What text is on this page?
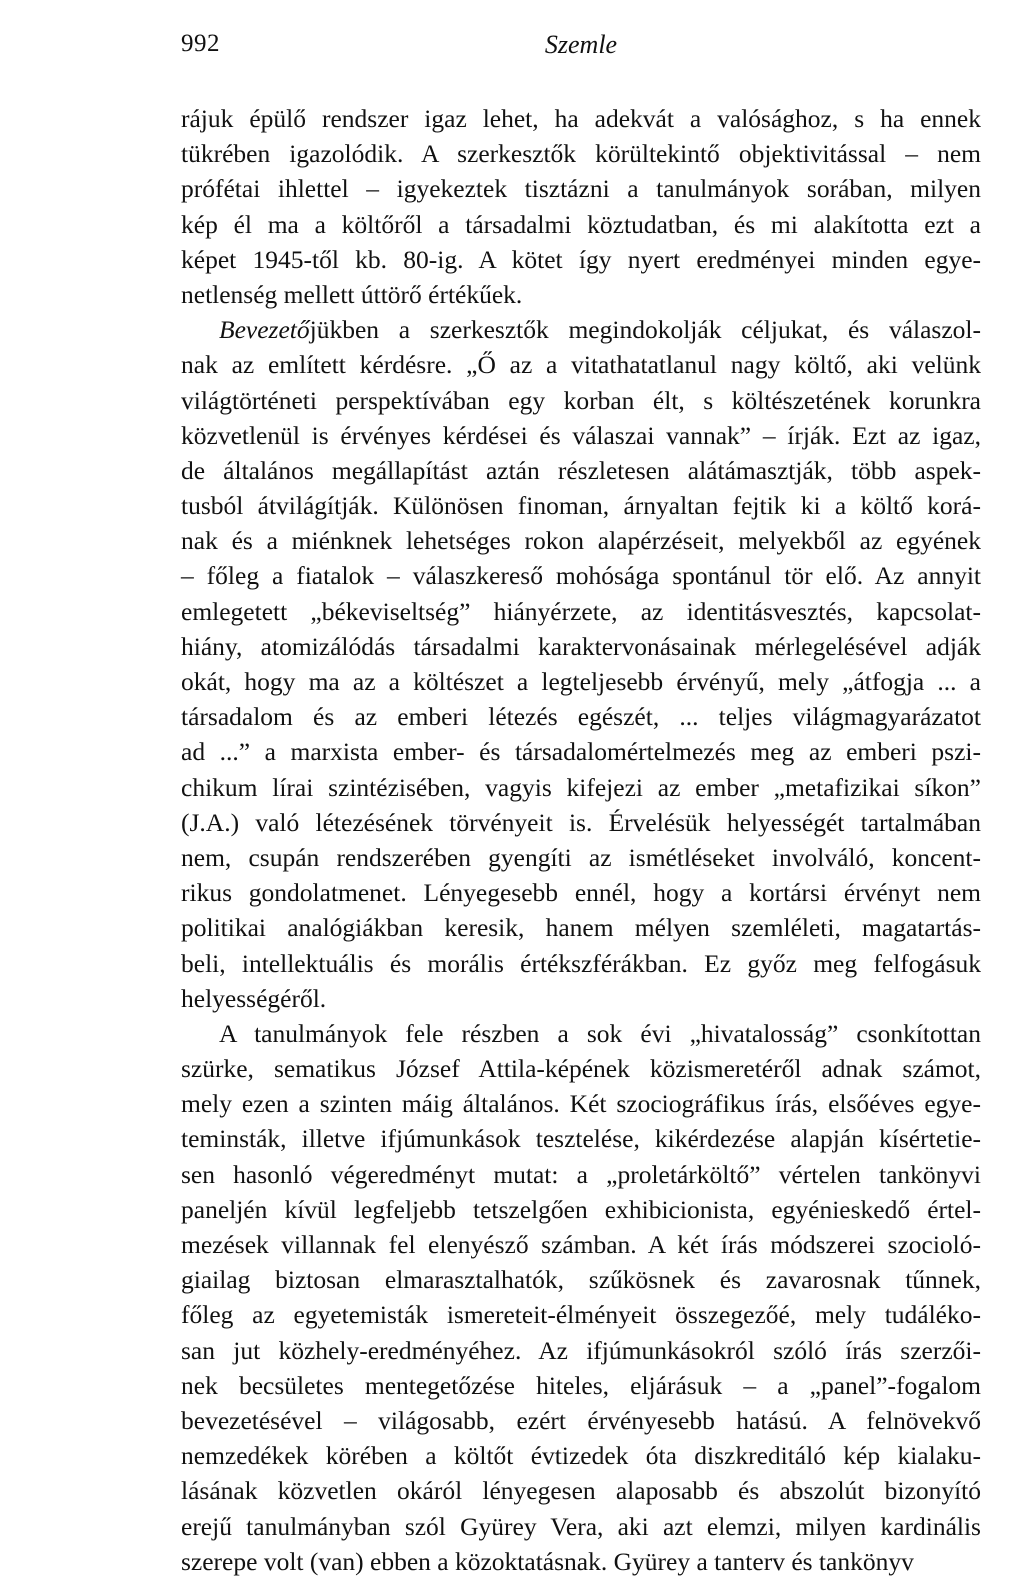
992	Szemle
rájuk épülő rendszer igaz lehet, ha adekvát a valósághoz, s ha ennek
tükrében igazolódik. A szerkesztők körültekintő objektivitással – nem
prófétai ihlettel – igyekeztek tisztázni a tanulmányok sorában, milyen
kép él ma a költőről a társadalmi köztudatban, és mi alakította ezt a
képet 1945-től kb. 80-ig. A kötet így nyert eredményei minden egye-
netlenség mellett úttörő értékűek.
Bevezetőjükben a szerkesztők megindokolják céljukat, és válaszol-
nak az említett kérdésre. „Ő az a vitathatatlanul nagy költő, aki velünk
világtörténeti perspektívában egy korban élt, s költészetének korunkra
közvetlenül is érvényes kérdései és válaszai vannak” – írják. Ezt az igaz,
de általános megállapítást aztán részletesen alátámasztják, több aspek-
tusból átvilágítják. Különösen finoman, árnyaltan fejtik ki a költő korá-
nak és a miénknek lehetséges rokon alapérzéseit, melyekből az egyének
– főleg a fiatalok – válaszkereső mohósága spontánul tör elő. Az annyit
emlegetett „békeviseltség” hiányérzete, az identitásvesztés, kapcsolat-
hiány, atomizálódás társadalmi karaktervonásainak mérlegelésével adják
okát, hogy ma az a költészet a legteljesebb érvényű, mely „átfogja ... a
társadalom és az emberi létezés egészét, ... teljes világmagyarázatot
ad ...” a marxista ember- és társadalomértelmezés meg az emberi pszi-
chikum lírai szintézisében, vagyis kifejezi az ember „metafizikai síkon”
(J.A.) való létezésének törvényeit is. Érvelésük helyességét tartalmában
nem, csupán rendszerében gyengíti az ismétléseket involváló, koncent-
rikus gondolatmenet. Lényegesebb ennél, hogy a kortársi érvényt nem
politikai analógiákban keresik, hanem mélyen szemléleti, magatartás-
beli, intellektuális és morális értékszférákban. Ez győz meg felfogásuk
helyességéről.
A tanulmányok fele részben a sok évi „hivatalosság” csonkítottan
szürke, sematikus József Attila-képének közismeretéről adnak számot,
mely ezen a szinten máig általános. Két szociográfikus írás, elsőéves egye-
teminsták, illetve ifjúmunkások tesztelése, kikérdezése alapján kísértetie-
sen hasonló végeredményt mutat: a „proletárköltő” vértelen tankönyvi
paneljén kívül legfeljebb tetszelgően exhibicionista, egyénieskedő értel-
mezések villannak fel elenyésző számban. A két írás módszerei szocioló-
giailag biztosan elmarasztalhatók, szűkösnek és zavarosnak tűnnek,
főleg az egyetemisták ismereteit-élményeit összegezőé, mely tudáléko-
san jut közhely-eredményéhez. Az ifjúmunkásokról szóló írás szerzői-
nek becsületes mentegetőzése hiteles, eljárásuk – a „panel”-fogalom
bevezetésével – világosabb, ezért érvényesebb hatású. A felnövekvő
nemzedékek körében a költőt évtizedek óta diszkreditáló kép kialaku-
lásának közvetlen okáról lényegesen alaposabb és abszolút bizonyító
erejű tanulmányban szól Gyürey Vera, aki azt elemzi, milyen kardinális
szerepe volt (van) ebben a közoktatásnak. Gyürey a tanterv és tankönyv
